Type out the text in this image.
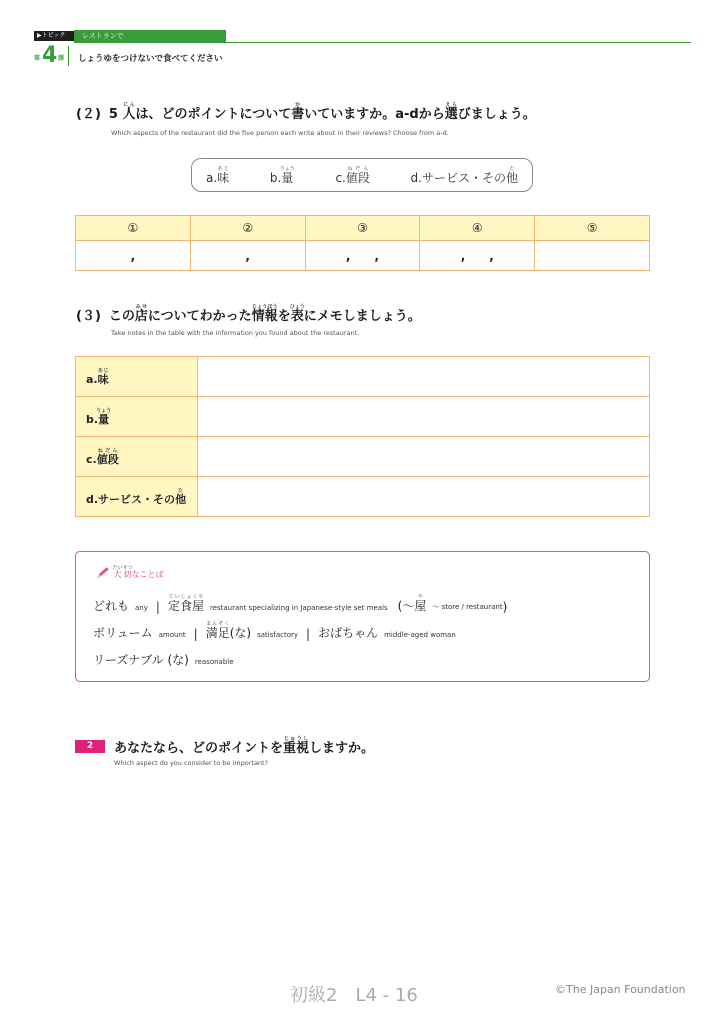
▶トピック	レストランで
第 4 課 しょうゆをつけないで食べてください
(２) 5 人にんは、どのポイントについて書かいていますか。a-dから選えらびましょう。
Which aspects of the restaurant did the five person each write about in their reviews? Choose from a-d.
a.味あじ
b.量りょう
c.値段ねだん
d.サービス・その他た
①	②	③	④	⑤
,	,	,　　,	,　　,	
(３) この店みせについてわかった情報じょうほうを表ひょうにメモしましょう。
Take notes in the table with the information you found about the restaurant.
a.味あじ		
b.量りょう		
c.値段ねだん		
d.サービス・その他た		
大切たいせつなことば
どれも any | 定食屋ていしょくや
restaurant specializing in Japanese-style set meals (～屋や
～ store / restaurant )
ボリューム amount | 満足まんぞく(な) satisfactory | おばちゃん middle-aged woman
リーズナブル (な) reasonable
2	あなたなら、どのポイントを重視じゅうししますか。
Which aspect do you consider to be important?
初級2　L4 - 16	©The Japan Foundation
